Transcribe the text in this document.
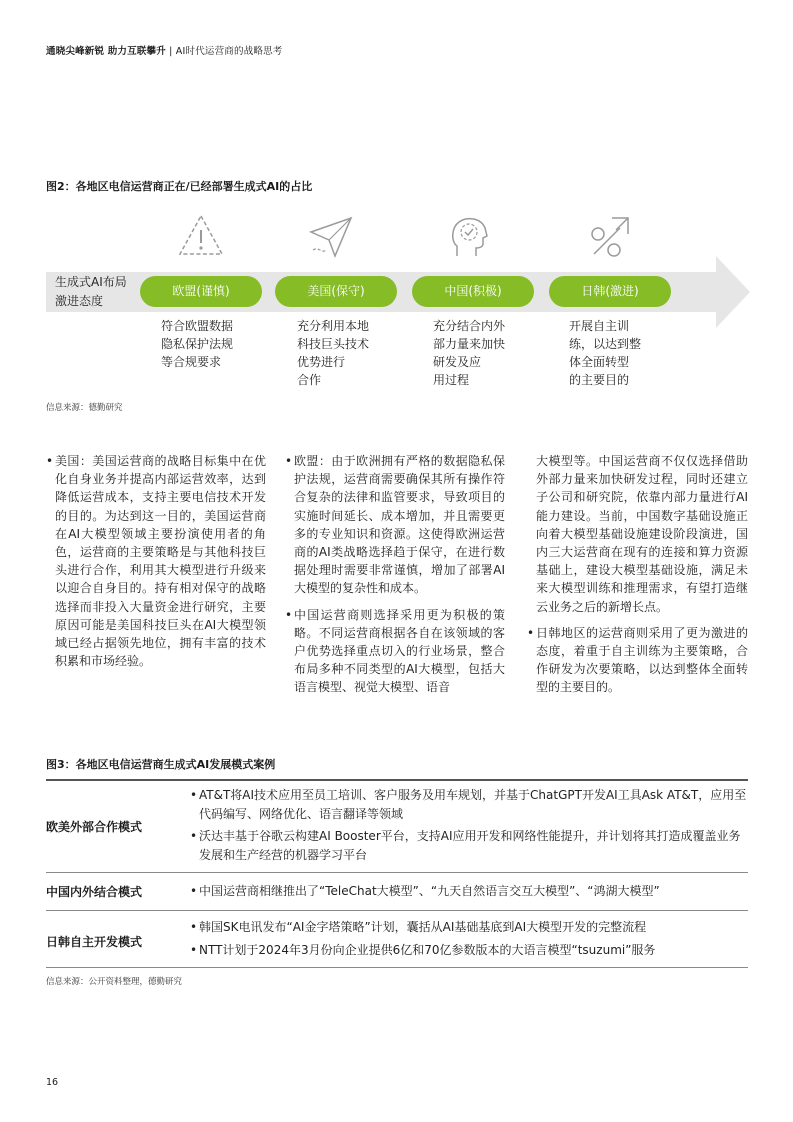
通晓尖峰新锐 助力互联攀升 | AI时代运营商的战略思考
图2：各地区电信运营商正在/已经部署生成式AI的占比
生成式AI布局
激进态度
欧盟(谨慎)	美国(保守)	中国(积极)	日韩(激进)
符合欧盟数据
隐私保护法规
等合规要求
充分利用本地
科技巨头技术
优势进行
合作
充分结合内外
部力量来加快
研发及应
用过程
开展自主训
练，以达到整
体全面转型
的主要目的
信息来源：德勤研究
• 美国：美国运营商的战略目标集中在优化自身业务并提高内部运营效率，达到降低运营成本，支持主要电信技术开发的目的。为达到这一目的，美国运营商在AI大模型领域主要扮演使用者的角色，运营商的主要策略是与其他科技巨头进行合作，利用其大模型进行升级来以迎合自身目的。持有相对保守的战略选择而非投入大量资金进行研究，主要原因可能是美国科技巨头在AI大模型领域已经占据领先地位，拥有丰富的技术积累和市场经验。
• 欧盟：由于欧洲拥有严格的数据隐私保护法规，运营商需要确保其所有操作符合复杂的法律和监管要求，导致项目的实施时间延长、成本增加，并且需要更多的专业知识和资源。这使得欧洲运营商的AI类战略选择趋于保守，在进行数据处理时需要非常谨慎，增加了部署AI大模型的复杂性和成本。
• 中国运营商则选择采用更为积极的策略。不同运营商根据各自在该领域的客户优势选择重点切入的行业场景，整合布局多种不同类型的AI大模型，包括大语言模型、视觉大模型、语音
大模型等。中国运营商不仅仅选择借助外部力量来加快研发过程，同时还建立子公司和研究院，依靠内部力量进行AI能力建设。当前，中国数字基础设施正向着大模型基础设施建设阶段演进，国内三大运营商在现有的连接和算力资源基础上，建设大模型基础设施，满足未来大模型训练和推理需求，有望打造继云业务之后的新增长点。
• 日韩地区的运营商则采用了更为激进的态度，着重于自主训练为主要策略，合作研发为次要策略，以达到整体全面转型的主要目的。
图3：各地区电信运营商生成式AI发展模式案例
欧美外部合作模式
• AT&T将AI技术应用至员工培训、客户服务及用车规划，并基于ChatGPT开发AI工具Ask AT&T，应用至代码编写、网络优化、语言翻译等领域
• 沃达丰基于谷歌云构建AI Booster平台，支持AI应用开发和网络性能提升，并计划将其打造成覆盖业务发展和生产经营的机器学习平台
中国内外结合模式
•	中国运营商相继推出了“TeleChat大模型”、“九天自然语言交互大模型”、“鸿湖大模型”
日韩自主开发模式
• 韩国SK电讯发布“AI金字塔策略”计划，囊括从AI基础基底到AI大模型开发的完整流程
• NTT计划于2024年3月份向企业提供6亿和70亿参数版本的大语言模型“tsuzumi”服务
信息来源：公开资料整理，德勤研究
16
